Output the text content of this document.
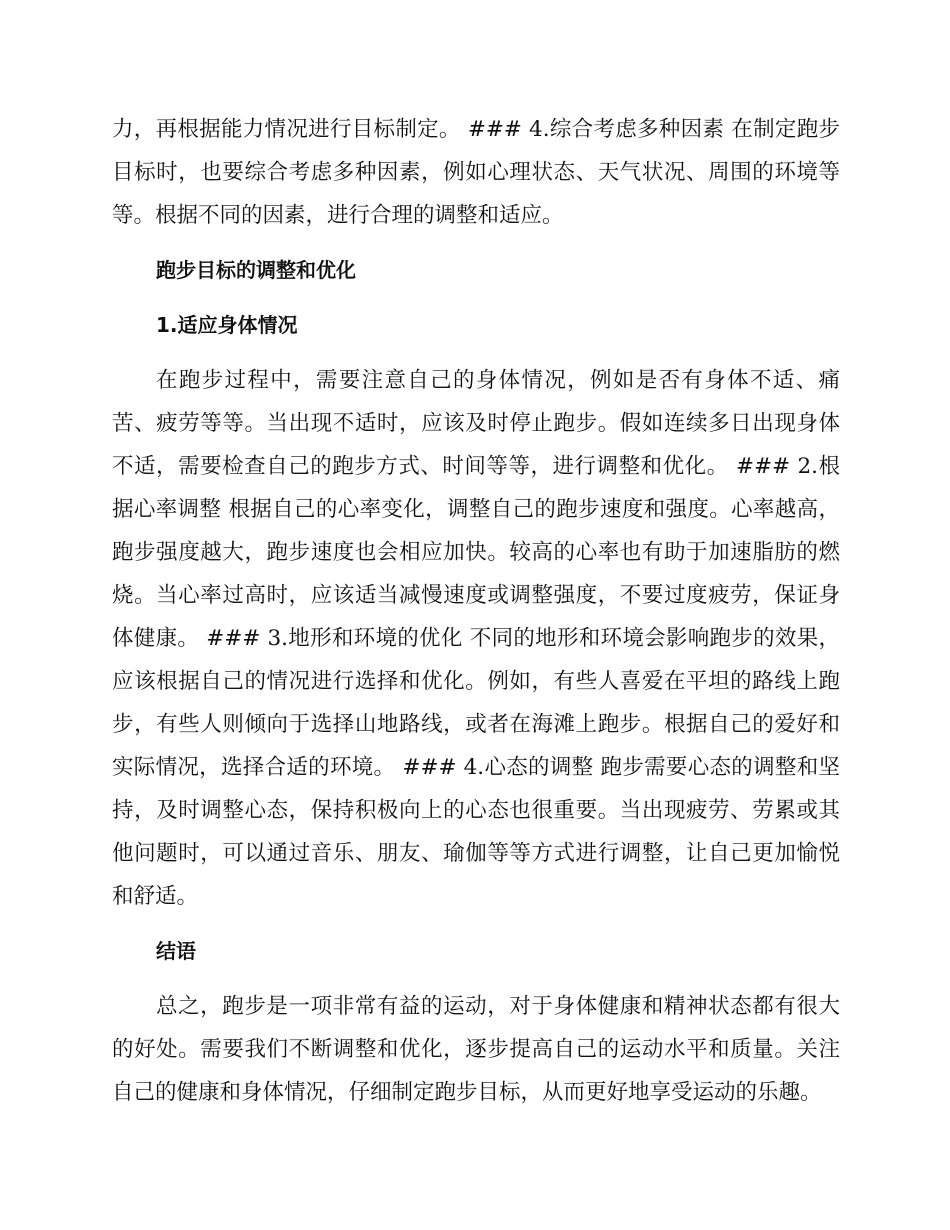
力，再根据能力情况进行目标制定。 ### 4.综合考虑多种因素 在制定跑步目标时，也要综合考虑多种因素，例如心理状态、天气状况、周围的环境等等。根据不同的因素，进行合理的调整和适应。

跑步目标的调整和优化
1.适应身体情况

在跑步过程中，需要注意自己的身体情况，例如是否有身体不适、痛苦、疲劳等等。当出现不适时，应该及时停止跑步。假如连续多日出现身体不适，需要检查自己的跑步方式、时间等等，进行调整和优化。 ### 2.根据心率调整 根据自己的心率变化，调整自己的跑步速度和强度。心率越高，跑步强度越大，跑步速度也会相应加快。较高的心率也有助于加速脂肪的燃烧。当心率过高时，应该适当减慢速度或调整强度，不要过度疲劳，保证身体健康。 ### 3.地形和环境的优化 不同的地形和环境会影响跑步的效果，应该根据自己的情况进行选择和优化。例如，有些人喜爱在平坦的路线上跑步，有些人则倾向于选择山地路线，或者在海滩上跑步。根据自己的爱好和实际情况，选择合适的环境。 ### 4.心态的调整 跑步需要心态的调整和坚持，及时调整心态，保持积极向上的心态也很重要。当出现疲劳、劳累或其他问题时，可以通过音乐、朋友、瑜伽等等方式进行调整，让自己更加愉悦和舒适。

结语

总之，跑步是一项非常有益的运动，对于身体健康和精神状态都有很大的好处。需要我们不断调整和优化，逐步提高自己的运动水平和质量。关注自己的健康和身体情况，仔细制定跑步目标，从而更好地享受运动的乐趣。
